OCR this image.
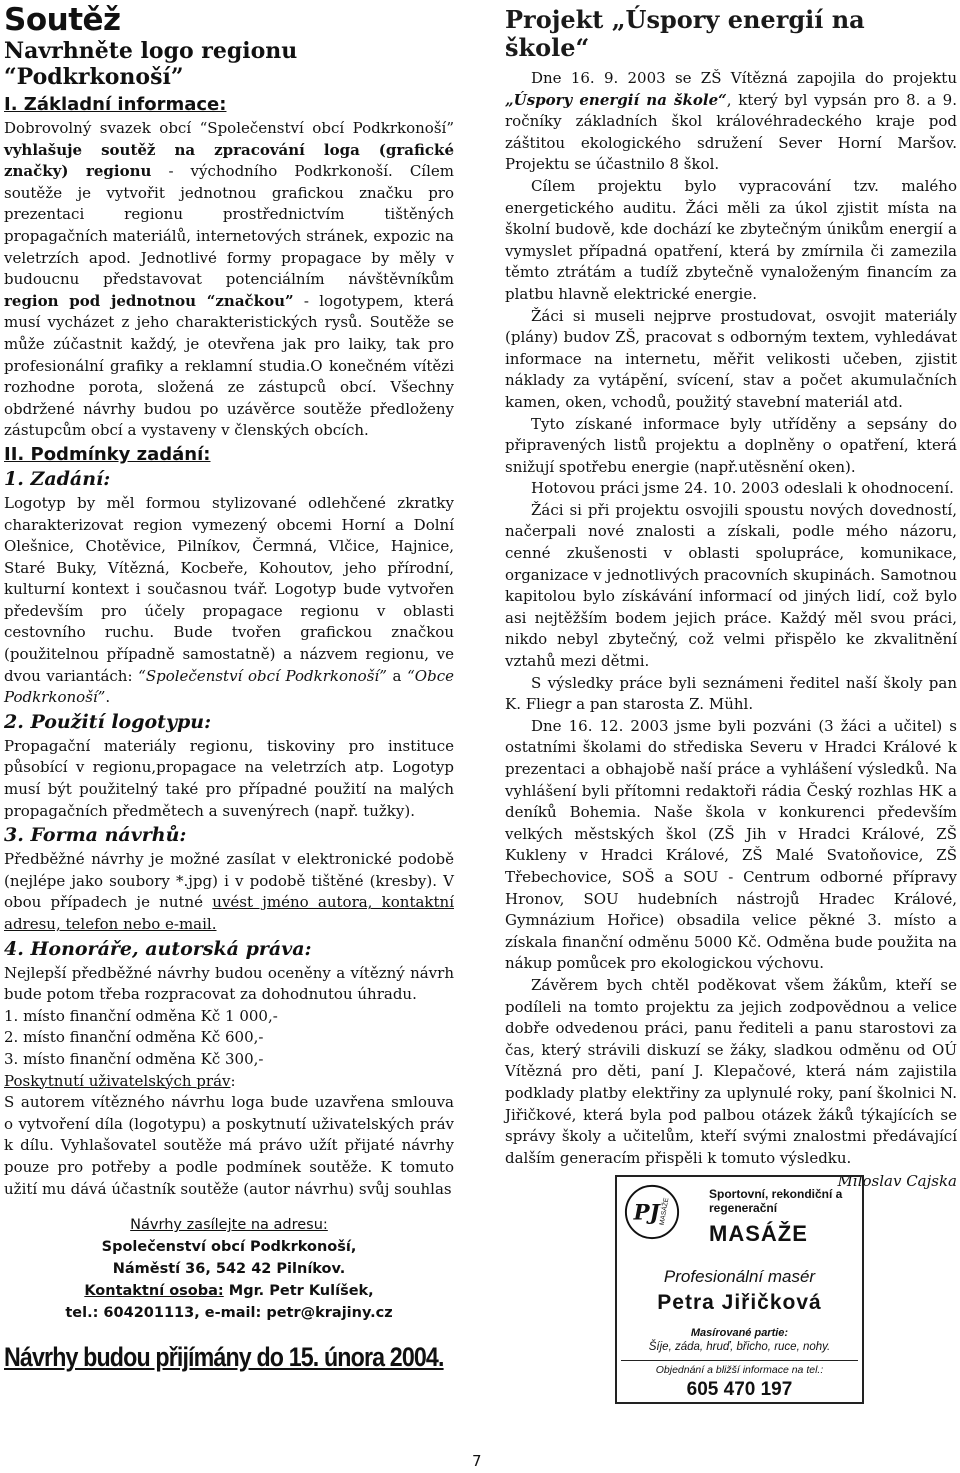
Soutěž
Navrhněte logo regionu “Podkrkonoší”
I. Základní informace:

Dobrovolný svazek obcí “Společenství obcí Podkrkonoší” vyhlašuje soutěž na zpracování loga (grafické značky) regionu - východního Podkrkonoší. Cílem soutěže je vytvořit jednotnou grafickou značku pro prezentaci regionu prostřednictvím tištěných propagačních materiálů, internetových stránek, expozic na veletrzích apod. Jednotlivé formy propagace by měly v budoucnu představovat potenciálním návštěvníkům region pod jednotnou “značkou” - logotypem, která musí vycházet z jeho charakteristických rysů. Soutěže se může zúčastnit každý, je otevřena jak pro laiky, tak pro profesionální grafiky a reklamní studia.O konečném vítězi rozhodne porota, složená ze zástupců obcí. Všechny obdržené návrhy budou po uzávěrce soutěže předloženy zástupcům obcí a vystaveny v členských obcích.

II. Podmínky zadání:
1. Zadání:

Logotyp by měl formou stylizované odlehčené zkratky charakterizovat region vymezený obcemi Horní a Dolní Olešnice, Chotěvice, Pilníkov, Čermná, Vlčice, Hajnice, Staré Buky, Vítězná, Kocbeře, Kohoutov, jeho přírodní, kulturní kontext i současnou tvář. Logotyp bude vytvořen především pro účely propagace regionu v oblasti cestovního ruchu. Bude tvořen grafickou značkou (použitelnou případně samostatně) a názvem regionu, ve dvou variantách: “Společenství obcí Podkrkonoší” a “Obce Podkrkonoší”.

2. Použití logotypu:

Propagační materiály regionu, tiskoviny pro instituce působící v regionu,propagace na veletrzích atp. Logotyp musí být použitelný také pro případné použití na malých propagačních předmětech a suvenýrech (např. tužky).

3. Forma návrhů:

Předběžné návrhy je možné zasílat v elektronické podobě (nejlépe jako soubory *.jpg) i v podobě tištěné (kresby). V obou případech je nutné uvést jméno autora, kontaktní adresu, telefon nebo e-mail.

4. Honoráře, autorská práva:

Nejlepší předběžné návrhy budou oceněny a vítězný návrh bude potom třeba rozpracovat za dohodnutou úhradu.

1. místo finanční odměna Kč 1 000,-

2. místo finanční odměna Kč 600,-

3. místo finanční odměna Kč 300,-

Poskytnutí uživatelských práv:

S autorem vítězného návrhu loga bude uzavřena smlouva o vytvoření díla (logotypu) a poskytnutí uživatelských práv k dílu. Vyhlašovatel soutěže má právo užít přijaté návrhy pouze pro potřeby a podle podmínek soutěže. K tomuto užití mu dává účastník soutěže (autor návrhu) svůj souhlas

Návrhy zasílejte na adresu:
Společenství obcí Podkrkonoší,
Náměstí 36, 542 42 Pilníkov.
Kontaktní osoba: Mgr. Petr Kulíšek,
tel.: 604201113, e-mail: petr@krajiny.cz
Návrhy budou přijímány do 15. února 2004.
Projekt „Úspory energií na škole“

Dne 16. 9. 2003 se ZŠ Vítězná zapojila do projektu „Úspory energií na škole“, který byl vypsán pro 8. a 9. ročníky základních škol královéhradeckého kraje pod záštitou ekologického sdružení Sever Horní Maršov. Projektu se účastnilo 8 škol.

Cílem projektu bylo vypracování tzv. malého energetického auditu. Žáci měli za úkol zjistit místa na školní budově, kde dochází ke zbytečným únikům energií a vymyslet případná opatření, která by zmírnila či zamezila těmto ztrátám a tudíž zbytečně vynaloženým financím za platbu hlavně elektrické energie.

Žáci si museli nejprve prostudovat, osvojit materiály (plány) budov ZŠ, pracovat s odborným textem, vyhledávat informace na internetu, měřit velikosti učeben, zjistit náklady za vytápění, svícení, stav a počet akumulačních kamen, oken, vchodů, použitý stavební materiál atd.

Tyto získané informace byly utříděny a sepsány do připravených listů projektu a doplněny o opatření, která snižují spotřebu energie (např.utěsnění oken).

Hotovou práci jsme 24. 10. 2003 odeslali k ohodnocení.

Žáci si při projektu osvojili spoustu nových dovedností, načerpali nové znalosti a získali, podle mého názoru, cenné zkušenosti v oblasti spolupráce, komunikace, organizace v jednotlivých pracovních skupinách. Samotnou kapitolou bylo získávání informací od jiných lidí, což bylo asi nejtěžším bodem jejich práce. Každý měl svou práci, nikdo nebyl zbytečný, což velmi přispělo ke zkvalitnění vztahů mezi dětmi.

S výsledky práce byli seznámeni ředitel naší školy pan K. Fliegr a pan starosta Z. Mühl.

Dne 16. 12. 2003 jsme byli pozváni (3 žáci a učitel) s ostatními školami do střediska Severu v Hradci Králové k prezentaci a obhajobě naší práce a vyhlášení výsledků. Na vyhlášení byli přítomni redaktoři rádia Český rozhlas HK a deníků Bohemia. Naše škola v konkurenci především velkých městských škol (ZŠ Jih v Hradci Králové, ZŠ Kukleny v Hradci Králové, ZŠ Malé Svatoňovice, ZŠ Třebechovice, SOŠ a SOU - Centrum odborné přípravy Hronov, SOU hudebních nástrojů Hradec Králové, Gymnázium Hořice) obsadila velice pěkné 3. místo a získala finanční odměnu 5000 Kč. Odměna bude použita na nákup pomůcek pro ekologickou výchovu.

Závěrem bych chtěl poděkovat všem žákům, kteří se podíleli na tomto projektu za jejich zodpovědnou a velice dobře odvedenou práci, panu řediteli a panu starostovi za čas, který strávili diskuzí se žáky, sladkou odměnu od OÚ Vítězná pro děti, paní J. Klepačové, která nám zajistila podklady platby elektřiny za uplynulé roky, paní školnici N. Jiřičkové, která byla pod palbou otázek žáků týkajících se správy školy a učitelům, kteří svými znalostmi předávající dalším generacím přispěli k tomuto výsledku.

Miloslav Cajska
PJ
MASÁŽE
Sportovní, rekondiční a
regenerační
MASÁŽE
Profesionální masér
Petra Jiřičková
Masírované partie:
Šíje, záda, hruď, břicho, ruce, nohy.
Objednání a bližší informace na tel.:
605 470 197
7
